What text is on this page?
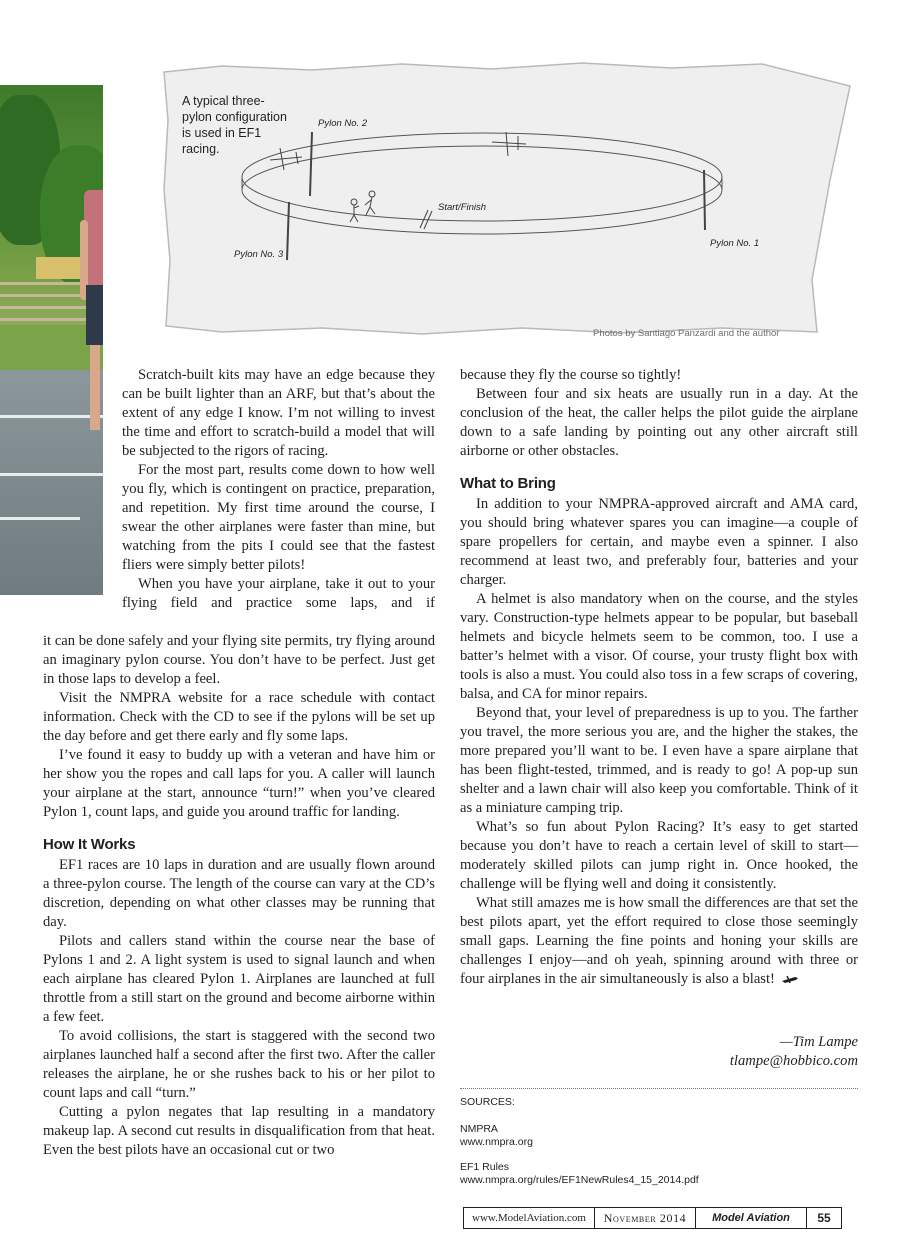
A typical three-pylon configuration is used in EF1 racing.

Pylon No. 2
Pylon No. 1
Pylon No. 3
Start/Finish
Photos by Santiago Panzardi and the author

Scratch-built kits may have an edge because they can be built lighter than an ARF, but that’s about the extent of any edge I know. I’m not willing to invest the time and effort to scratch-build a model that will be subjected to the rigors of racing.

For the most part, results come down to how well you fly, which is contingent on practice, preparation, and repetition. My first time around the course, I swear the other airplanes were faster than mine, but watching from the pits I could see that the fastest fliers were simply better pilots!

When you have your airplane, take it out to your flying field and practice some laps, and if

it can be done safely and your flying site permits, try flying around an imaginary pylon course. You don’t have to be perfect. Just get in those laps to develop a feel.

Visit the NMPRA website for a race schedule with contact information. Check with the CD to see if the pylons will be set up the day before and get there early and fly some laps.

I’ve found it easy to buddy up with a veteran and have him or her show you the ropes and call laps for you. A caller will launch your airplane at the start, announce “turn!” when you’ve cleared Pylon 1, count laps, and guide you around traffic for landing.

How It Works

EF1 races are 10 laps in duration and are usually flown around a three-pylon course. The length of the course can vary at the CD’s discretion, depending on what other classes may be running that day.

Pilots and callers stand within the course near the base of Pylons 1 and 2. A light system is used to signal launch and when each airplane has cleared Pylon 1. Airplanes are launched at full throttle from a still start on the ground and become airborne within a few feet.

To avoid collisions, the start is staggered with the second two airplanes launched half a second after the first two. After the caller releases the airplane, he or she rushes back to his or her pilot to count laps and call “turn.”

Cutting a pylon negates that lap resulting in a mandatory makeup lap. A second cut results in disqualification from that heat. Even the best pilots have an occasional cut or two

because they fly the course so tightly!

Between four and six heats are usually run in a day. At the conclusion of the heat, the caller helps the pilot guide the airplane down to a safe landing by pointing out any other aircraft still airborne or other obstacles.

What to Bring

In addition to your NMPRA-approved aircraft and AMA card, you should bring whatever spares you can imagine—a couple of spare propellers for certain, and maybe even a spinner. I also recommend at least two, and preferably four, batteries and your charger.

A helmet is also mandatory when on the course, and the styles vary. Construction-type helmets appear to be popular, but baseball helmets and bicycle helmets seem to be common, too. I use a batter’s helmet with a visor. Of course, your trusty flight box with tools is also a must. You could also toss in a few scraps of covering, balsa, and CA for minor repairs.

Beyond that, your level of preparedness is up to you. The farther you travel, the more serious you are, and the higher the stakes, the more prepared you’ll want to be. I even have a spare airplane that has been flight-tested, trimmed, and is ready to go! A pop-up sun shelter and a lawn chair will also keep you comfortable. Think of it as a miniature camping trip.

What’s so fun about Pylon Racing? It’s easy to get started because you don’t have to reach a certain level of skill to start—moderately skilled pilots can jump right in. Once hooked, the challenge will be flying well and doing it consistently.

What still amazes me is how small the differences are that set the best pilots apart, yet the effort required to close those seemingly small gaps. Learning the fine points and honing your skills are challenges I enjoy—and oh yeah, spinning around with three or four airplanes in the air simultaneously is also a blast!

—Tim Lampe
tlampe@hobbico.com

SOURCES:

NMPRA
www.nmpra.org
EF1 Rules
www.nmpra.org/rules/EF1NewRules4_15_2014.pdf
www.ModelAviation.com	November 2014	Model Aviation	55
